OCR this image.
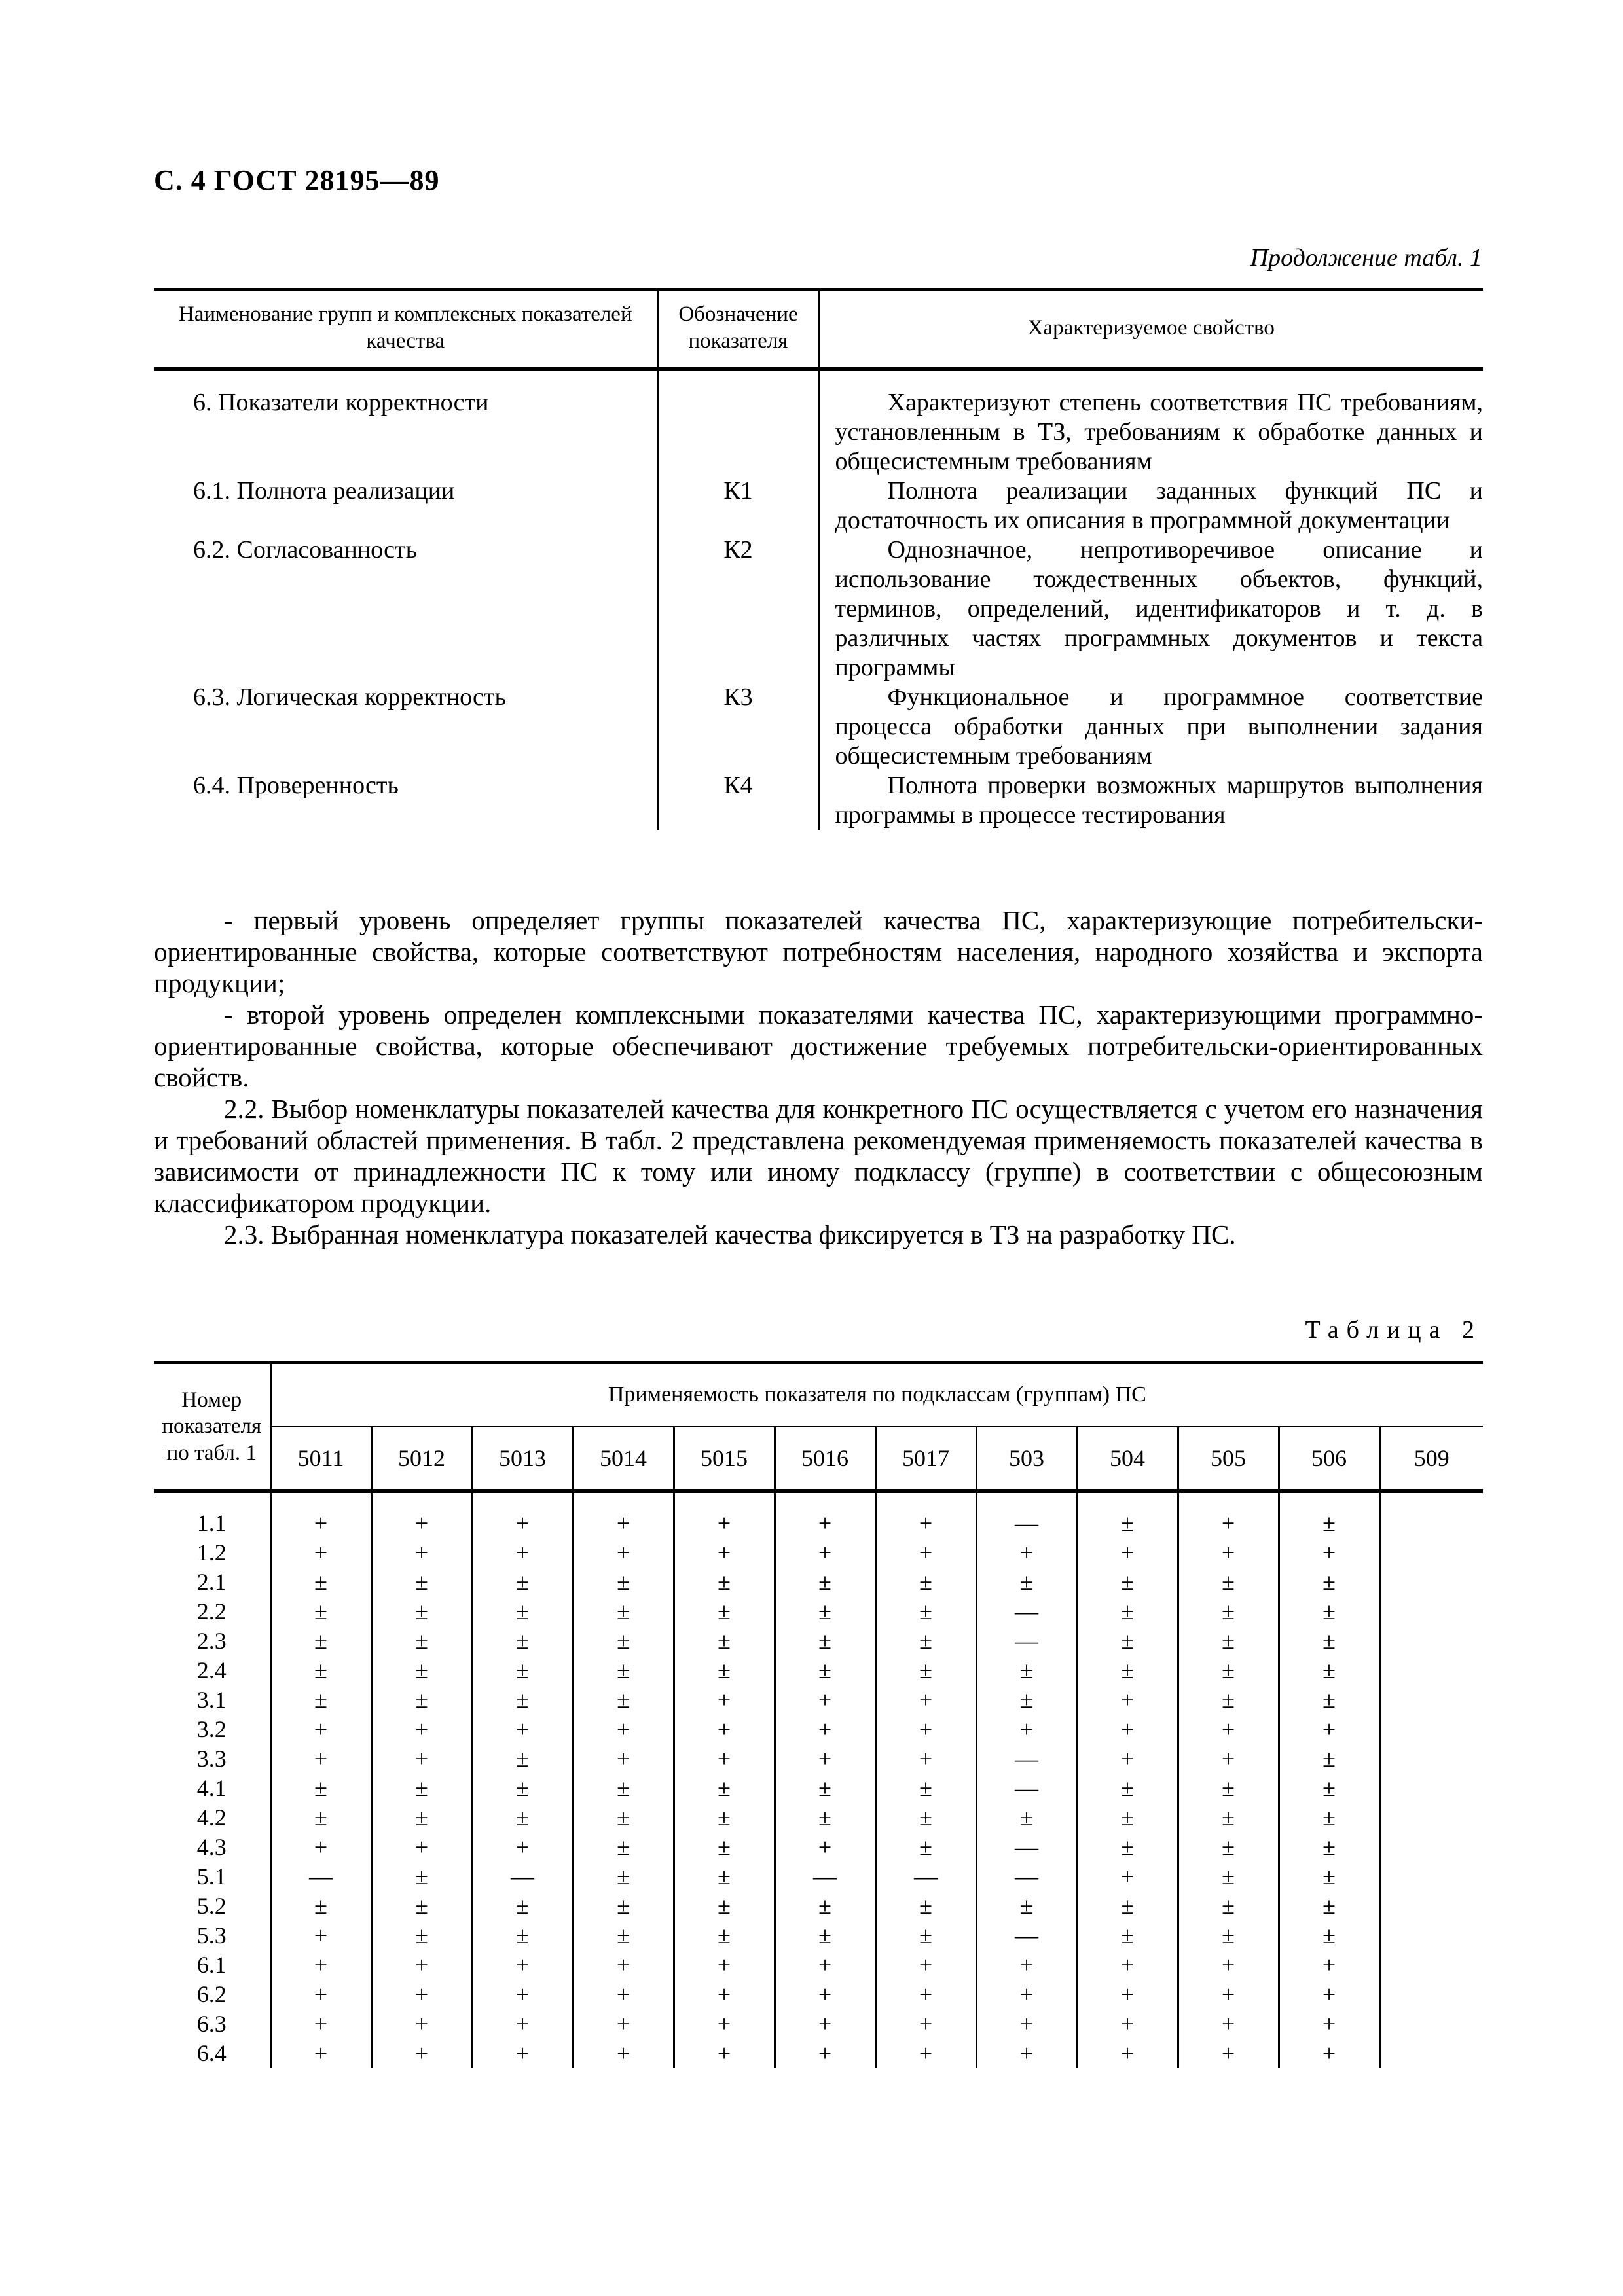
С. 4 ГОСТ 28195—89
Продолжение табл. 1
Наименование групп и комплексных показателей качества	Обозначение показателя	Характеризуемое свойство

6. Показатели корректности		Характеризуют степень соответствия ПС требованиям, установленным в ТЗ, требованиям к обработке данных и общесистемным требованиям

6.1. Полнота реализации	К1	Полнота реализации заданных функций ПС и достаточность их описания в программной документации

6.2. Согласованность	К2	Однозначное, непротиворечивое описание и использование тождественных объектов, функций, терминов, определений, идентификаторов и т. д. в различных частях программных документов и текста программы

6.3. Логическая корректность	К3	Функциональное и программное соответствие процесса обработки данных при выполнении задания общесистемным требованиям

6.4. Проверенность	К4	Полнота проверки возможных маршрутов выполнения программы в процессе тестирования

- первый уровень определяет группы показателей качества ПС, характеризующие потребительски-ориентированные свойства, которые соответствуют потребностям населения, народного хозяйства и экспорта продукции;

- второй уровень определен комплексными показателями качества ПС, характеризующими программно-ориентированные свойства, которые обеспечивают достижение требуемых потребительски-ориентированных свойств.

2.2. Выбор номенклатуры показателей качества для конкретного ПС осуществляется с учетом его назначения и требований областей применения. В табл. 2 представлена рекомендуемая применяемость показателей качества в зависимости от принадлежности ПС к тому или иному подклассу (группе) в соответствии с общесоюзным классификатором продукции.

2.3. Выбранная номенклатура показателей качества фиксируется в ТЗ на разработку ПС.

Таблица 2
Номер показателя по табл. 1	Применяемость показателя по подклассам (группам) ПС											
	5011	5012	5013	5014	5015	5016	5017	503	504	505	506	509

1.1	+	+	+	+	+	+	+	—	±	+	±	
1.2	+	+	+	+	+	+	+	+	+	+	+	
2.1	±	±	±	±	±	±	±	±	±	±	±	
2.2	±	±	±	±	±	±	±	—	±	±	±	
2.3	±	±	±	±	±	±	±	—	±	±	±	
2.4	±	±	±	±	±	±	±	±	±	±	±	
3.1	±	±	±	±	+	+	+	±	+	±	±	
3.2	+	+	+	+	+	+	+	+	+	+	+	
3.3	+	+	±	+	+	+	+	—	+	+	±	
4.1	±	±	±	±	±	±	±	—	±	±	±	
4.2	±	±	±	±	±	±	±	±	±	±	±	
4.3	+	+	+	±	±	+	±	—	±	±	±	
5.1	—	±	—	±	±	—	—	—	+	±	±	
5.2	±	±	±	±	±	±	±	±	±	±	±	
5.3	+	±	±	±	±	±	±	—	±	±	±	
6.1	+	+	+	+	+	+	+	+	+	+	+	
6.2	+	+	+	+	+	+	+	+	+	+	+	
6.3	+	+	+	+	+	+	+	+	+	+	+	
6.4	+	+	+	+	+	+	+	+	+	+	+	
